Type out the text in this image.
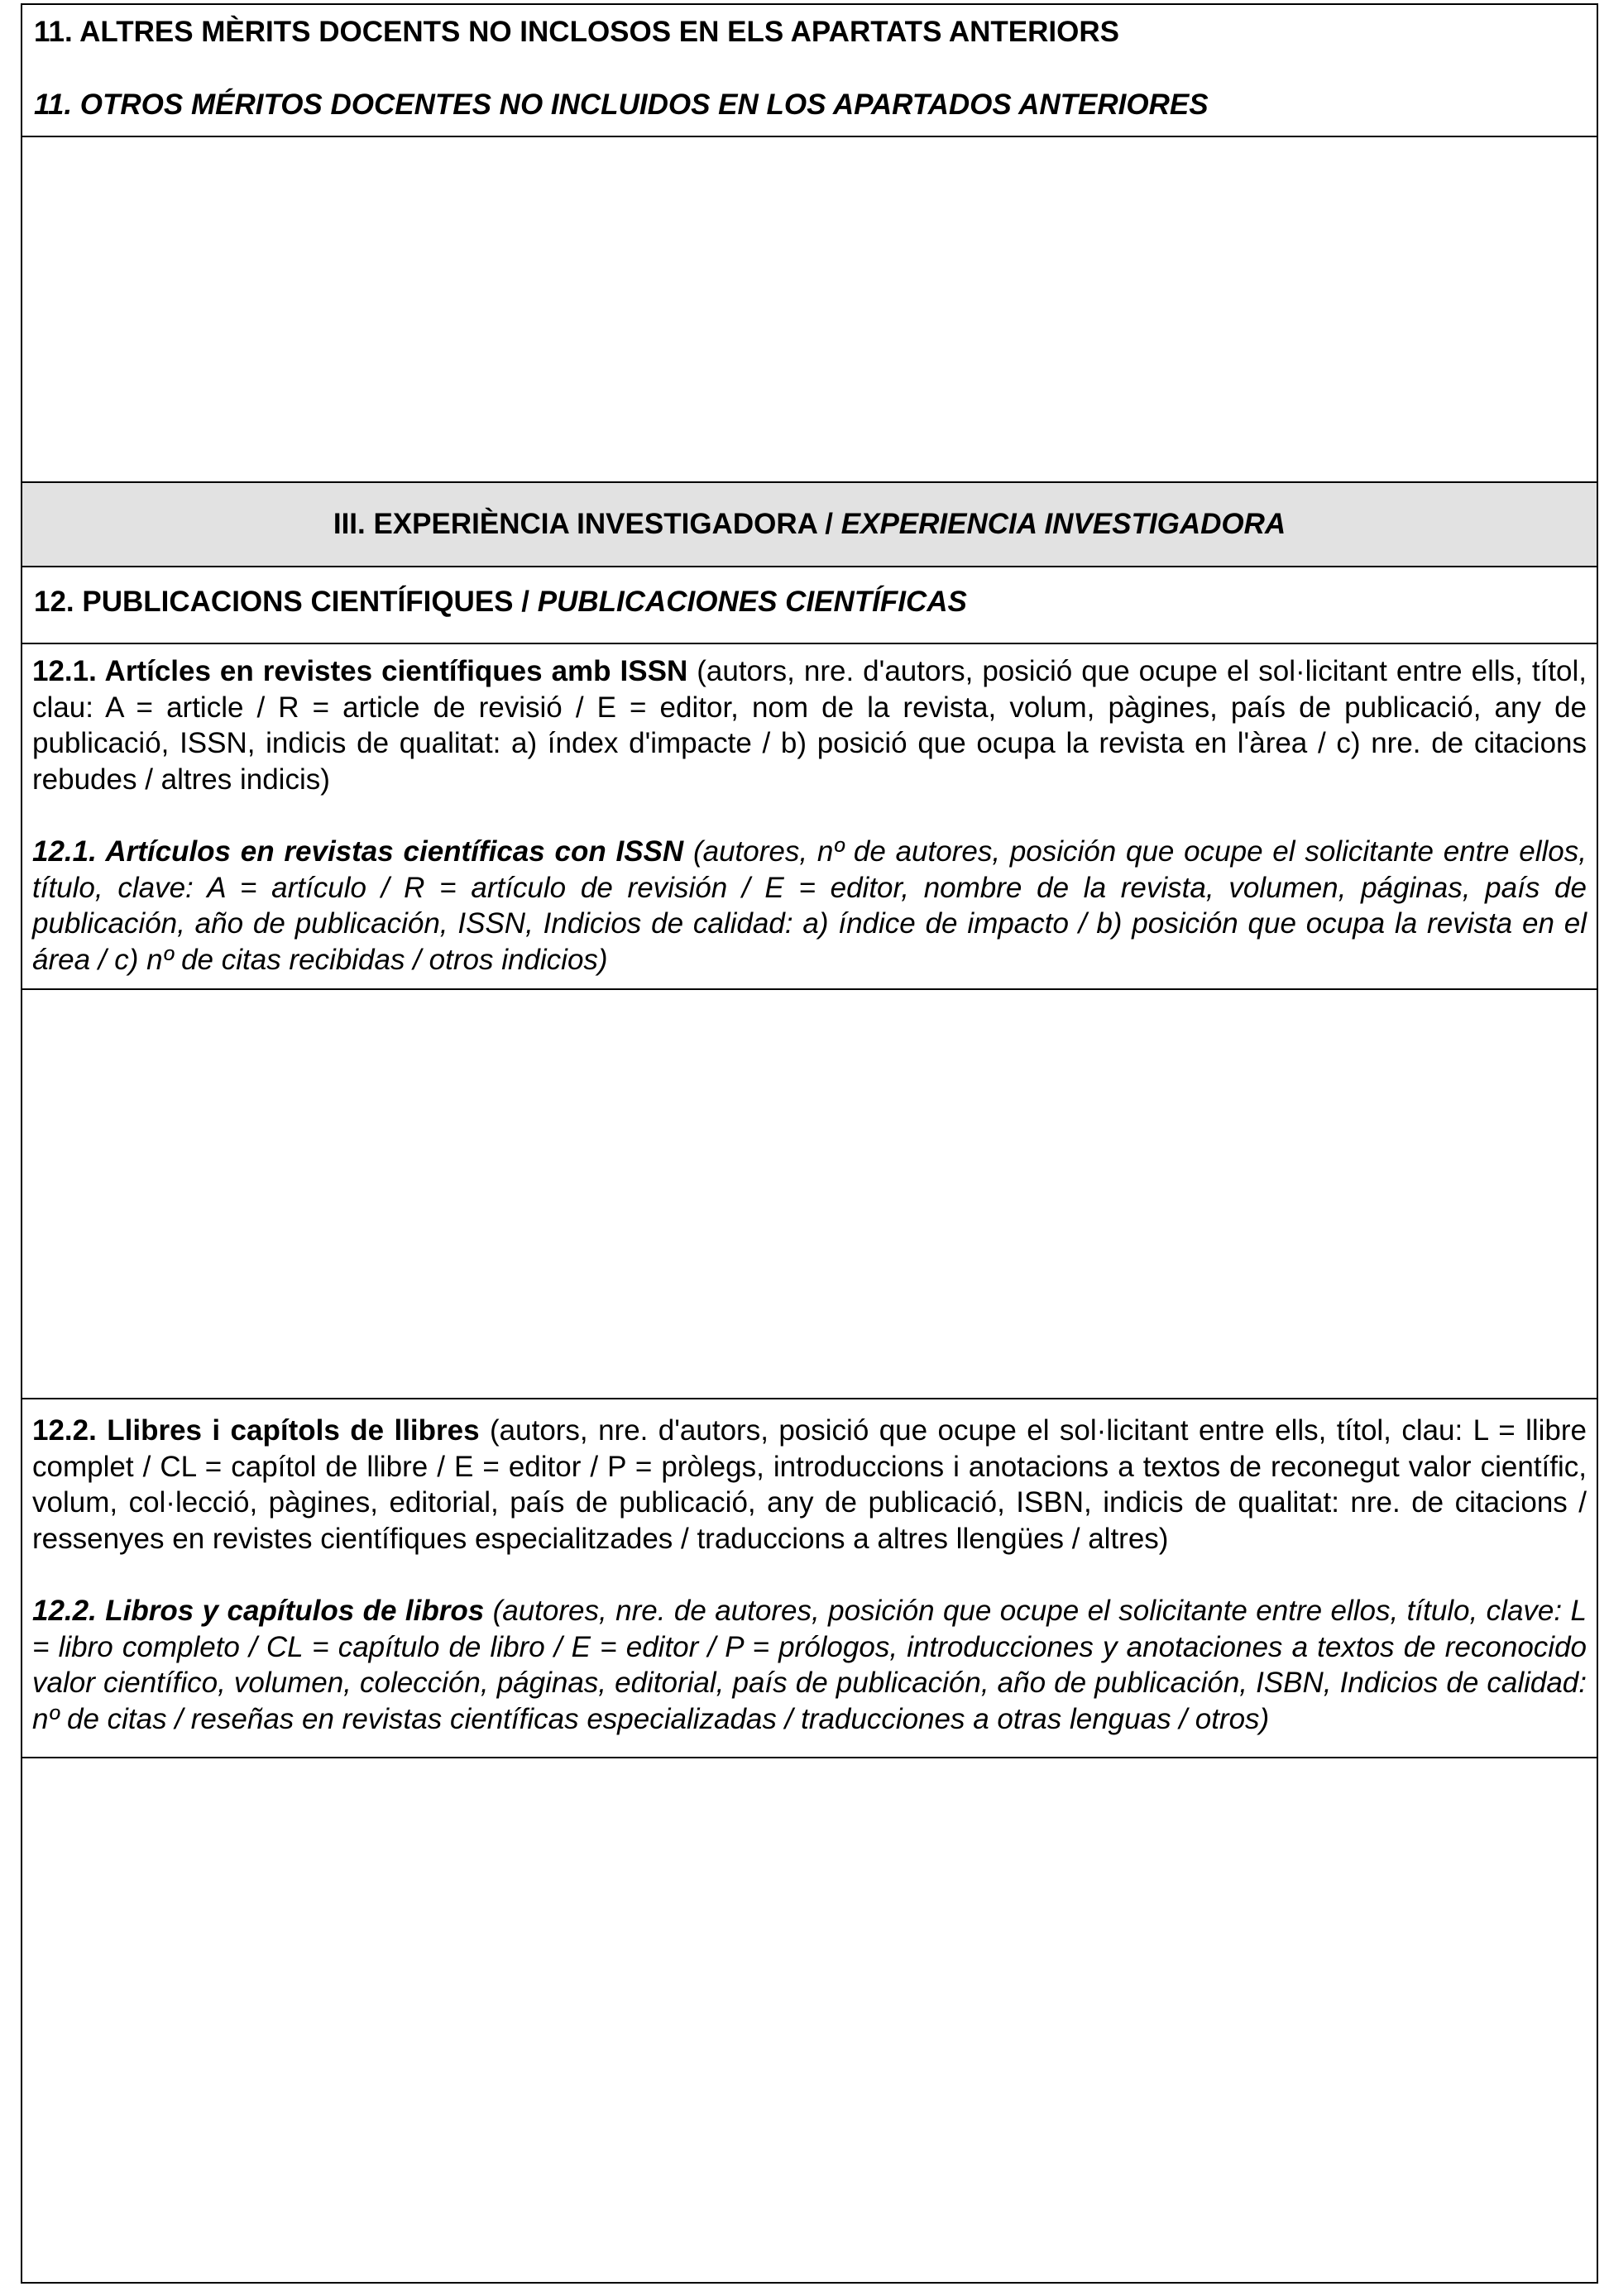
11. ALTRES MÈRITS DOCENTS NO INCLOSOS EN ELS APARTATS ANTERIORS

11. OTROS MÉRITOS DOCENTES NO INCLUIDOS EN LOS APARTADOS ANTERIORES

III. EXPERIÈNCIA INVESTIGADORA / EXPERIENCIA INVESTIGADORA

12. PUBLICACIONS CIENTÍFIQUES / PUBLICACIONES CIENTÍFICAS

12.1. Artícles en revistes científiques amb ISSN (autors, nre. d'autors, posició que ocupe el sol·licitant entre ells, títol, clau: A = article / R = article de revisió / E = editor, nom de la revista, volum, pàgines, país de publicació, any de publicació, ISSN, indicis de qualitat: a) índex d'impacte / b) posició que ocupa la revista en l'àrea / c) nre. de citacions rebudes / altres indicis)

12.1. Artículos en revistas científicas con ISSN (autores, nº de autores, posición que ocupe el solicitante entre ellos, título, clave: A = artículo / R = artículo de revisión / E = editor, nombre de la revista, volumen, páginas, país de publicación, año de publicación, ISSN, Indicios de calidad: a) índice de impacto / b) posición que ocupa la revista en el área / c) nº de citas recibidas / otros indicios)

12.2. Llibres i capítols de llibres (autors, nre. d'autors, posició que ocupe el sol·licitant entre ells, títol, clau: L = llibre complet / CL = capítol de llibre / E = editor / P = pròlegs, introduccions i anotacions a textos de reconegut valor científic, volum, col·lecció, pàgines, editorial, país de publicació, any de publicació, ISBN, indicis de qualitat: nre. de citacions / ressenyes en revistes científiques especialitzades / traduccions a altres llengües / altres)

12.2. Libros y capítulos de libros (autores, nre. de autores, posición que ocupe el solicitante entre ellos, título, clave: L = libro completo / CL = capítulo de libro / E = editor / P = prólogos, introducciones y anotaciones a textos de reconocido valor científico, volumen, colección, páginas, editorial, país de publicación, año de publicación, ISBN, Indicios de calidad: nº de citas / reseñas en revistas científicas especializadas / traducciones a otras lenguas / otros)
